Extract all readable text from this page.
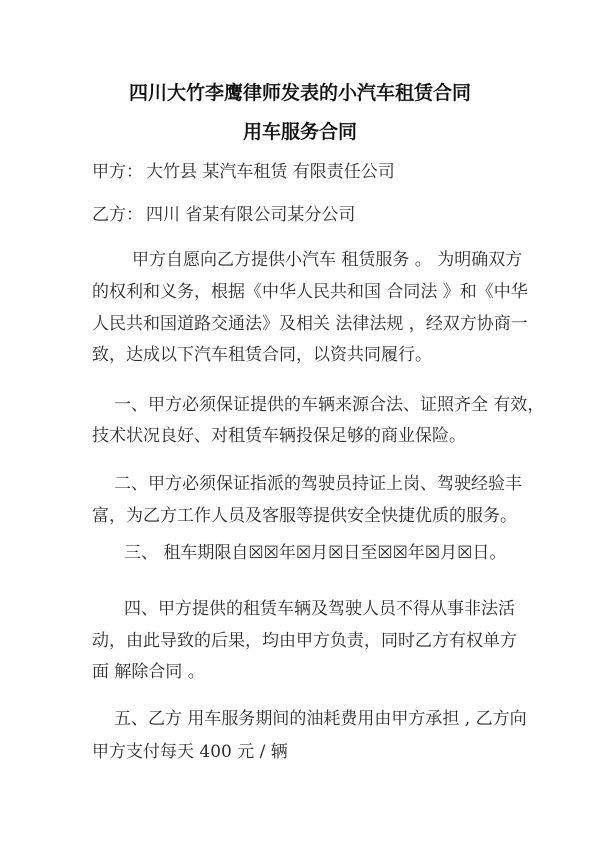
四川大竹李鹰律师发表的小汽车租赁合同
用车服务合同
甲方： 大竹县 某汽车租赁 有限责任公司
乙方： 四川 省某有限公司某分公司
甲方自愿向乙方提供小汽车 租赁服务 。 为明确双方
的权利和义务，根据《中华人民共和国 合同法 》和《中华
人民共和国道路交通法》及相关 法律法规 ，经双方协商一
致，达成以下汽车租赁合同，以资共同履行。
一、甲方必须保证提供的车辆来源合法、证照齐全 有效，
技术状况良好、对租赁车辆投保足够的商业保险。
二、甲方必须保证指派的驾驶员持证上岗、驾驶经验丰
富，为乙方工作人员及客服等提供安全快捷优质的服务。
三、 租车期限自☒☒年☒月☒日至☒☒年☒月☒日。
四、甲方提供的租赁车辆及驾驶人员不得从事非法活
动，由此导致的后果，均由甲方负责，同时乙方有权单方
面 解除合同 。
五、乙方 用车服务期间的油耗费用由甲方承担 , 乙方向
甲方支付每天 400 元 / 辆
